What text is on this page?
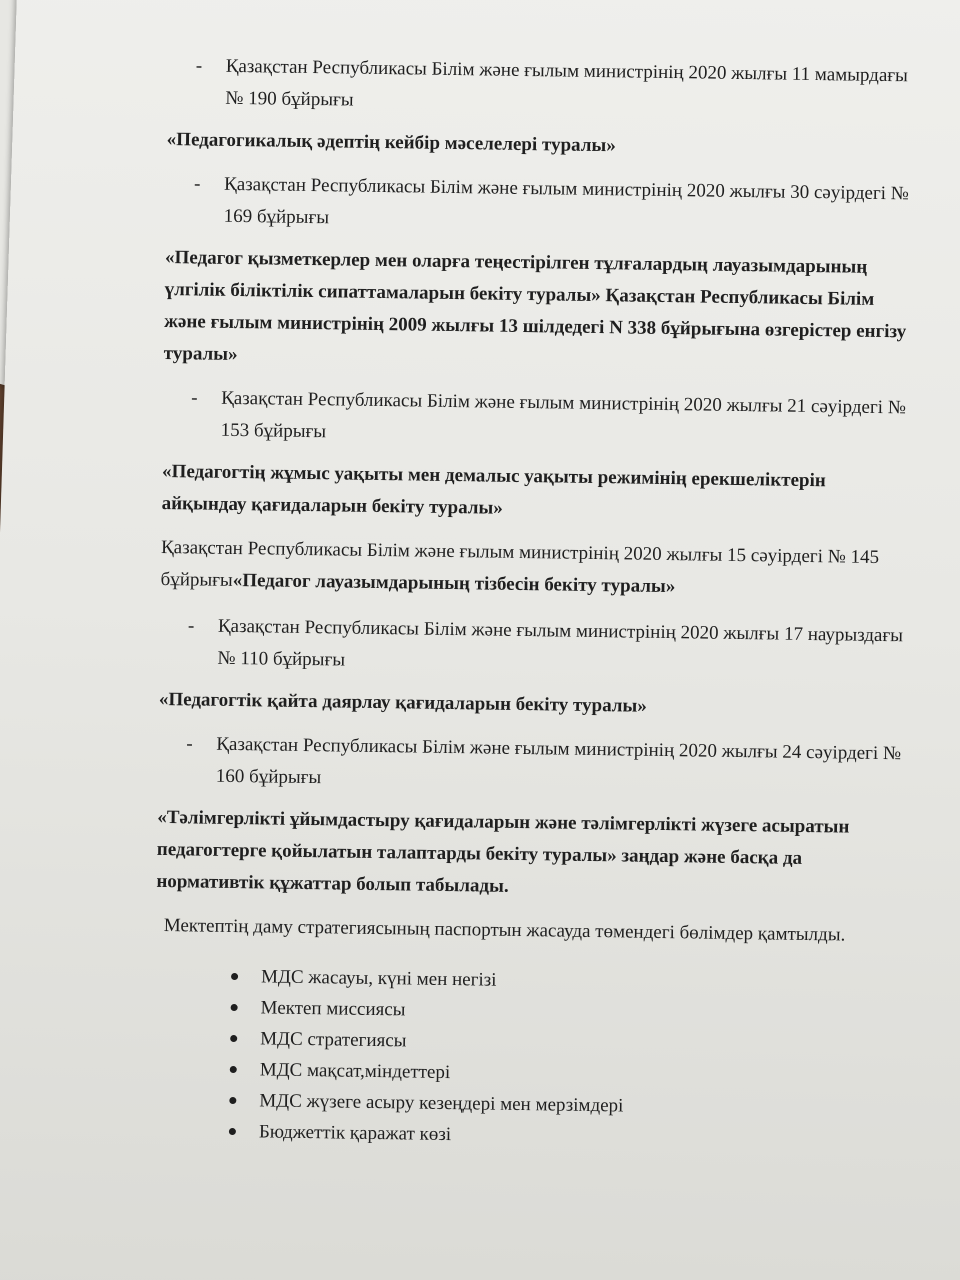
- Қазақстан Республикасы Білім және ғылым министрінің 2020 жылғы 11 мамырдағы № 190 бұйрығы
«Педагогикалық әдептің кейбір мәселелері туралы»
- Қазақстан Республикасы Білім және ғылым министрінің 2020 жылғы 30 сәуірдегі № 169 бұйрығы
«Педагог қызметкерлер мен оларға теңестірілген тұлғалардың лауазымдарының үлгілік біліктілік сипаттамаларын бекіту туралы» Қазақстан Республикасы Білім және ғылым министрінің 2009 жылғы 13 шілдедегі N 338 бұйрығына өзгерістер енгізу туралы»
- Қазақстан Республикасы Білім және ғылым министрінің 2020 жылғы 21 сәуірдегі № 153 бұйрығы
«Педагогтің жұмыс уақыты мен демалыс уақыты режимінің ерекшеліктерін айқындау қағидаларын бекіту туралы»
Қазақстан Республикасы Білім және ғылым министрінің 2020 жылғы 15 сәуірдегі № 145 бұйрығы«Педагог лауазымдарының тізбесін бекіту туралы»
- Қазақстан Республикасы Білім және ғылым министрінің 2020 жылғы 17 наурыздағы № 110 бұйрығы
«Педагогтік қайта даярлау қағидаларын бекіту туралы»
- Қазақстан Республикасы Білім және ғылым министрінің 2020 жылғы 24 сәуірдегі № 160 бұйрығы
«Тәлімгерлікті ұйымдастыру қағидаларын және тәлімгерлікті жүзеге асыратын педагогтерге қойылатын талаптарды бекіту туралы» заңдар және басқа да нормативтік құжаттар болып табылады.
Мектептің даму стратегиясының паспортын жасауда төмендегі бөлімдер қамтылды.
МДС жасауы, күні мен негізі
Мектеп миссиясы
МДС стратегиясы
МДС мақсат,міндеттері
МДС жүзеге асыру кезеңдері мен мерзімдері
Бюджеттік қаражат көзі
